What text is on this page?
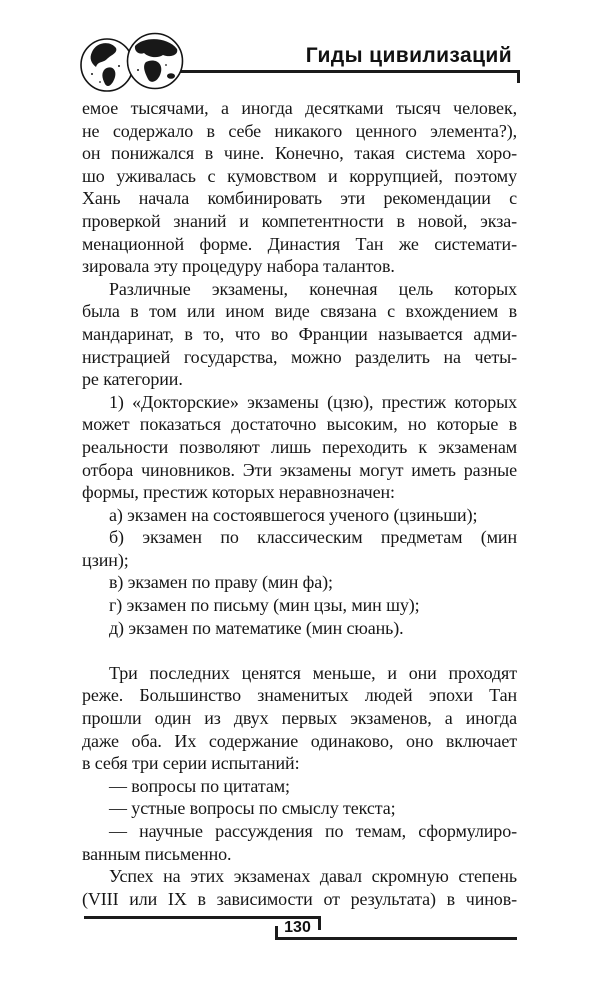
Гиды цивилизаций
емое тысячами, а иногда десятками тысяч человек,
не содержало в себе никакого ценного элемента?),
он понижался в чине. Конечно, такая система хоро-
шо уживалась с кумовством и коррупцией, поэтому
Хань начала комбинировать эти рекомендации с
проверкой знаний и компетентности в новой, экза-
менационной форме. Династия Тан же системати-
зировала эту процедуру набора талантов.
Различные экзамены, конечная цель которых
была в том или ином виде связана с вхождением в
мандаринат, в то, что во Франции называется адми-
нистрацией государства, можно разделить на четы-
ре категории.
1) «Докторские» экзамены (цзю), престиж которых
может показаться достаточно высоким, но которые в
реальности позволяют лишь переходить к экзаменам
отбора чиновников. Эти экзамены могут иметь разные
формы, престиж которых неравнозначен:
а) экзамен на состоявшегося ученого (цзиньши);
б) экзамен по классическим предметам (мин
цзин);
в) экзамен по праву (мин фа);
г) экзамен по письму (мин цзы, мин шу);
д) экзамен по математике (мин сюань).
Три последних ценятся меньше, и они проходят
реже. Большинство знаменитых людей эпохи Тан
прошли один из двух первых экзаменов, а иногда
даже оба. Их содержание одинаково, оно включает
в себя три серии испытаний:
— вопросы по цитатам;
— устные вопросы по смыслу текста;
— научные рассуждения по темам, сформулиро-
ванным письменно.
Успех на этих экзаменах давал скромную степень
(VIII или IX в зависимости от результата) в чинов-
130
